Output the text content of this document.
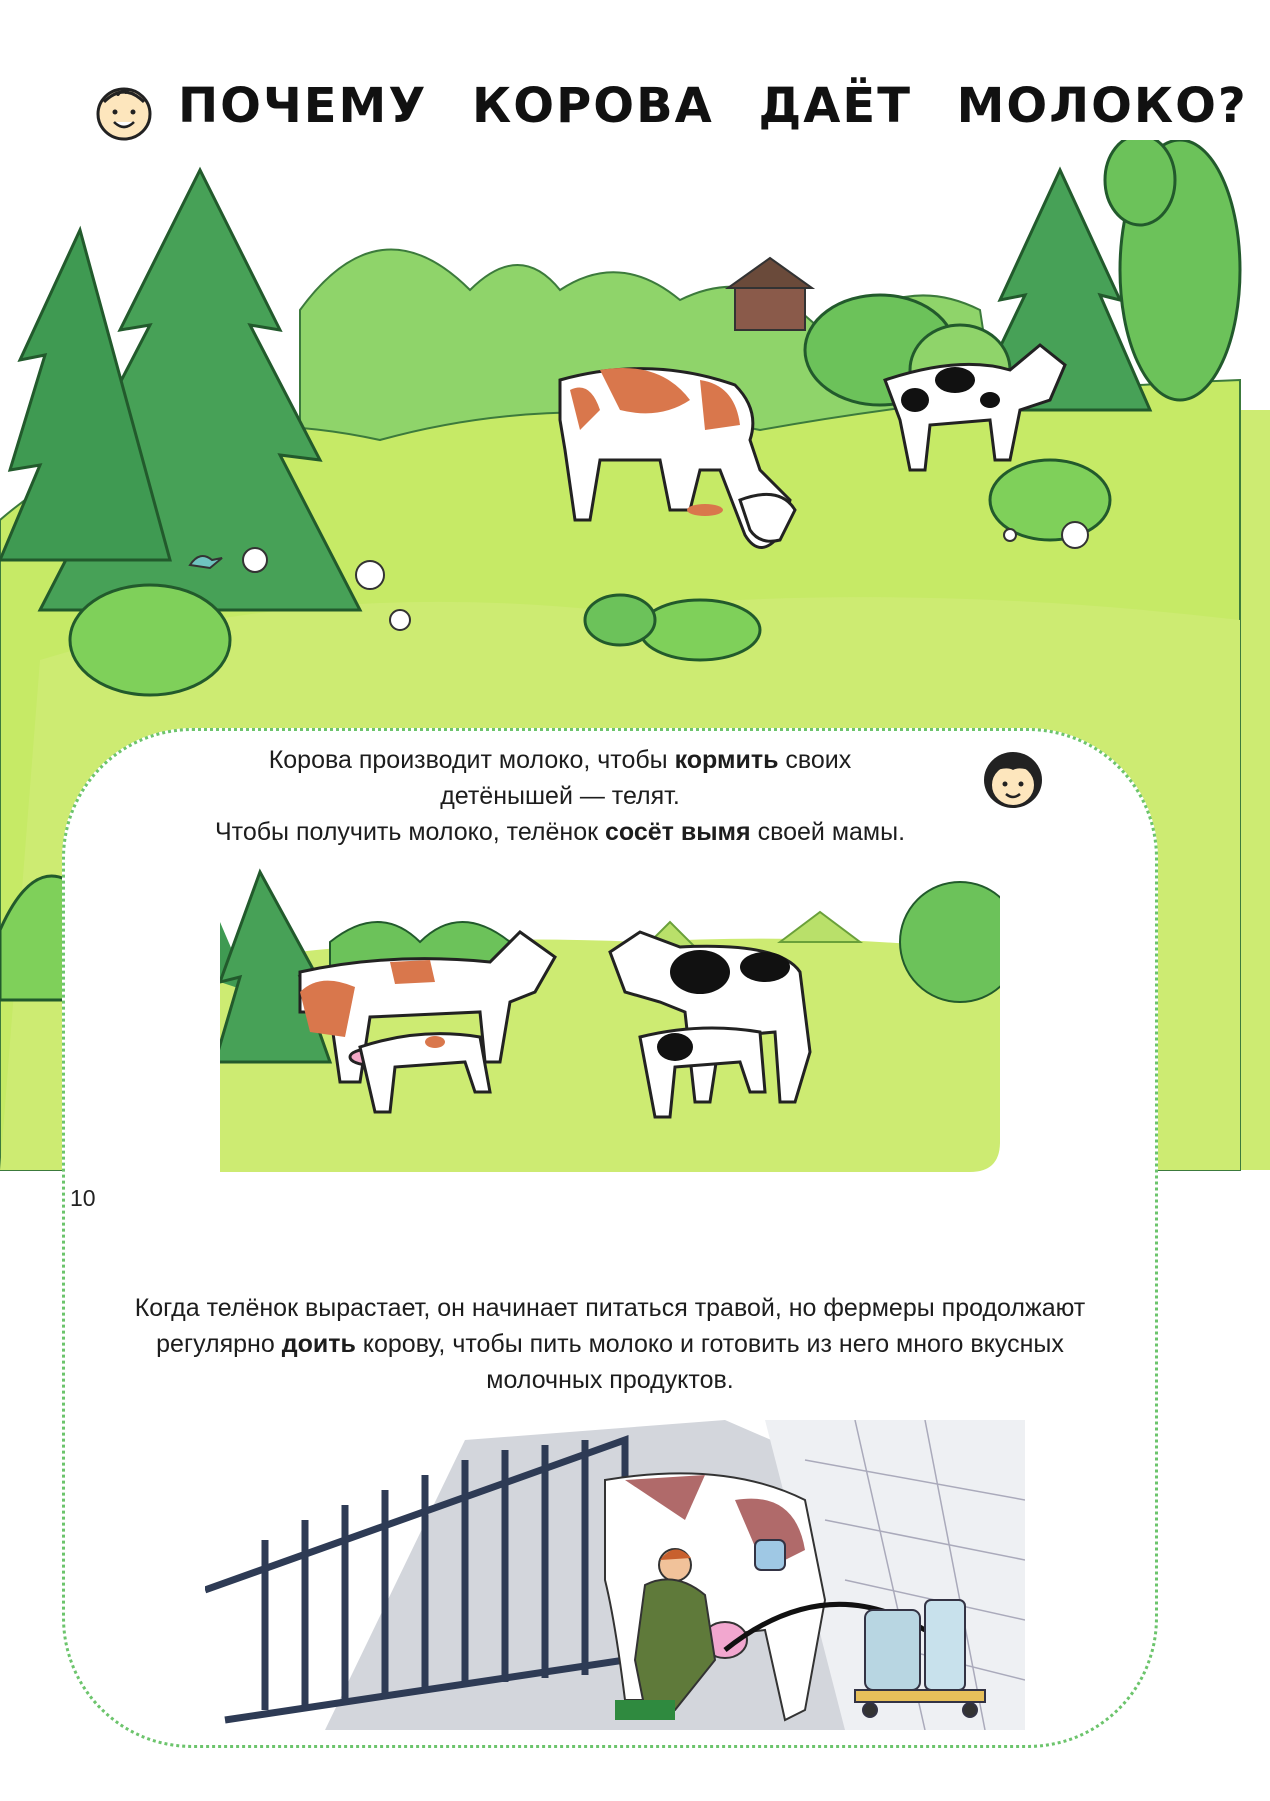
ПОЧЕМУ КОРОВА ДАЁТ МОЛОКО?
Корова производит молоко, чтобы кормить своих
детёнышей — телят.
Чтобы получить молоко, телёнок сосёт вымя своей мамы.
10
Когда телёнок вырастает, он начинает питаться травой, но фермеры продолжают
регулярно доить корову, чтобы пить молоко и готовить из него много вкусных
молочных продуктов.
